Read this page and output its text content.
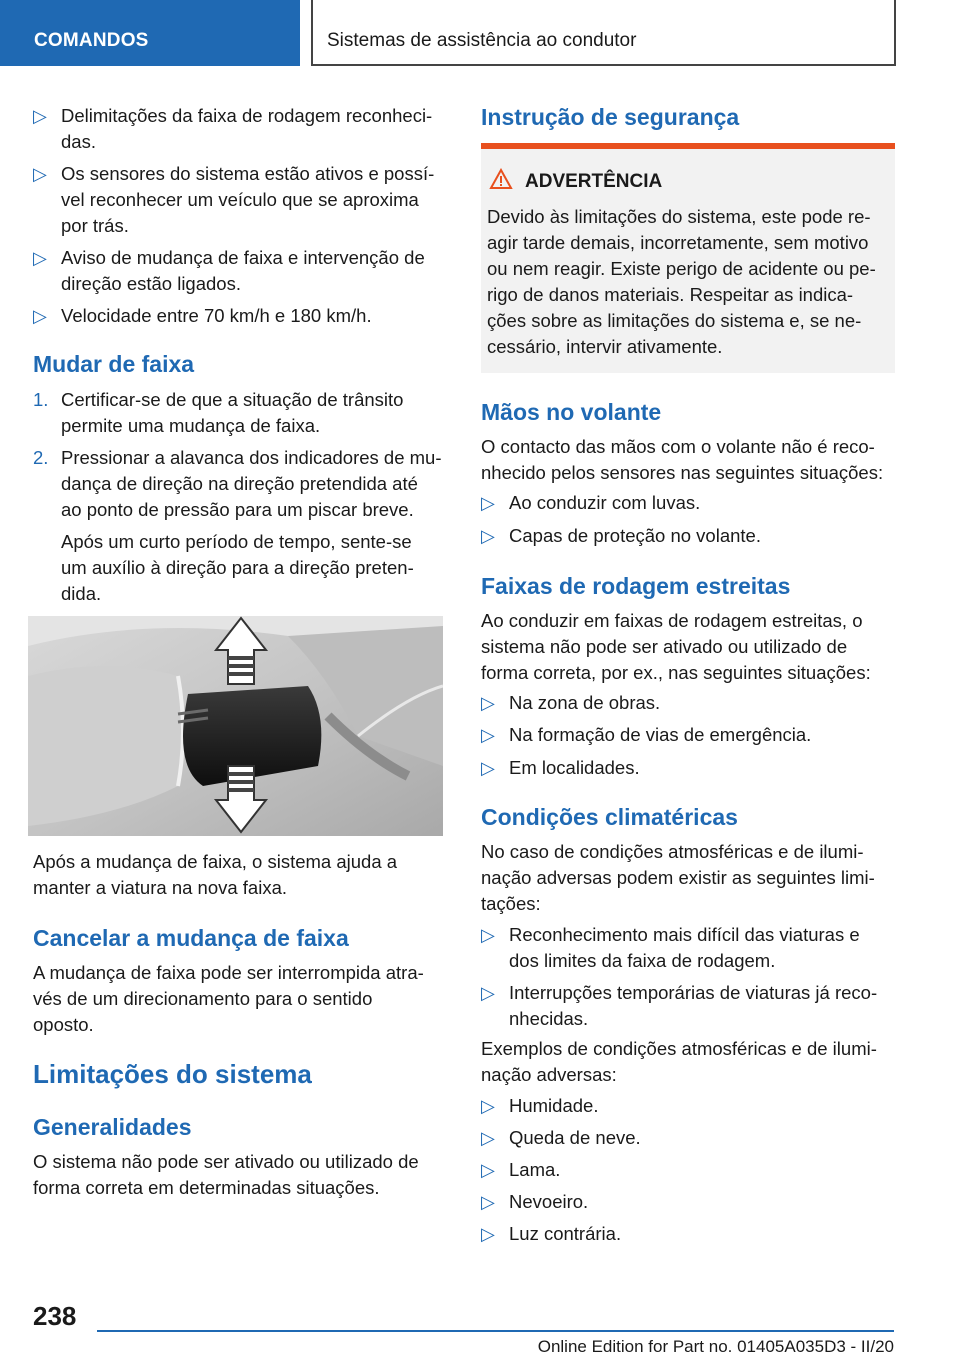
COMANDOS	Sistemas de assistência ao condutor
▷ Delimitações da faixa de rodagem reconheci-
das.
▷ Os sensores do sistema estão ativos e possí-
vel reconhecer um veículo que se aproxima
por trás.
▷ Aviso de mudança de faixa e intervenção de
direção estão ligados.
▷ Velocidade entre 70 km/h e 180 km/h.
Mudar de faixa
1. Certificar-se de que a situação de trânsito
permite uma mudança de faixa.
2. Pressionar a alavanca dos indicadores de mu-
dança de direção na direção pretendida até
ao ponto de pressão para um piscar breve.
Após um curto período de tempo, sente-se
um auxílio à direção para a direção preten-
dida.
Após a mudança de faixa, o sistema ajuda a
manter a viatura na nova faixa.
Cancelar a mudança de faixa
A mudança de faixa pode ser interrompida atra-
vés de um direcionamento para o sentido
oposto.
Limitações do sistema
Generalidades
O sistema não pode ser ativado ou utilizado de
forma correta em determinadas situações.
Instrução de segurança
ADVERTÊNCIA
Devido às limitações do sistema, este pode re-
agir tarde demais, incorretamente, sem motivo
ou nem reagir. Existe perigo de acidente ou pe-
rigo de danos materiais. Respeitar as indica-
ções sobre as limitações do sistema e, se ne-
cessário, intervir ativamente.
Mãos no volante
O contacto das mãos com o volante não é reco-
nhecido pelos sensores nas seguintes situações:
▷ Ao conduzir com luvas.
▷ Capas de proteção no volante.
Faixas de rodagem estreitas
Ao conduzir em faixas de rodagem estreitas, o
sistema não pode ser ativado ou utilizado de
forma correta, por ex., nas seguintes situações:
▷ Na zona de obras.
▷ Na formação de vias de emergência.
▷ Em localidades.
Condições climatéricas
No caso de condições atmosféricas e de ilumi-
nação adversas podem existir as seguintes limi-
tações:
▷ Reconhecimento mais difícil das viaturas e
dos limites da faixa de rodagem.
▷ Interrupções temporárias de viaturas já reco-
nhecidas.
Exemplos de condições atmosféricas e de ilumi-
nação adversas:
▷ Humidade.
▷ Queda de neve.
▷ Lama.
▷ Nevoeiro.
▷ Luz contrária.
238
Online Edition for Part no. 01405A035D3 - II/20
